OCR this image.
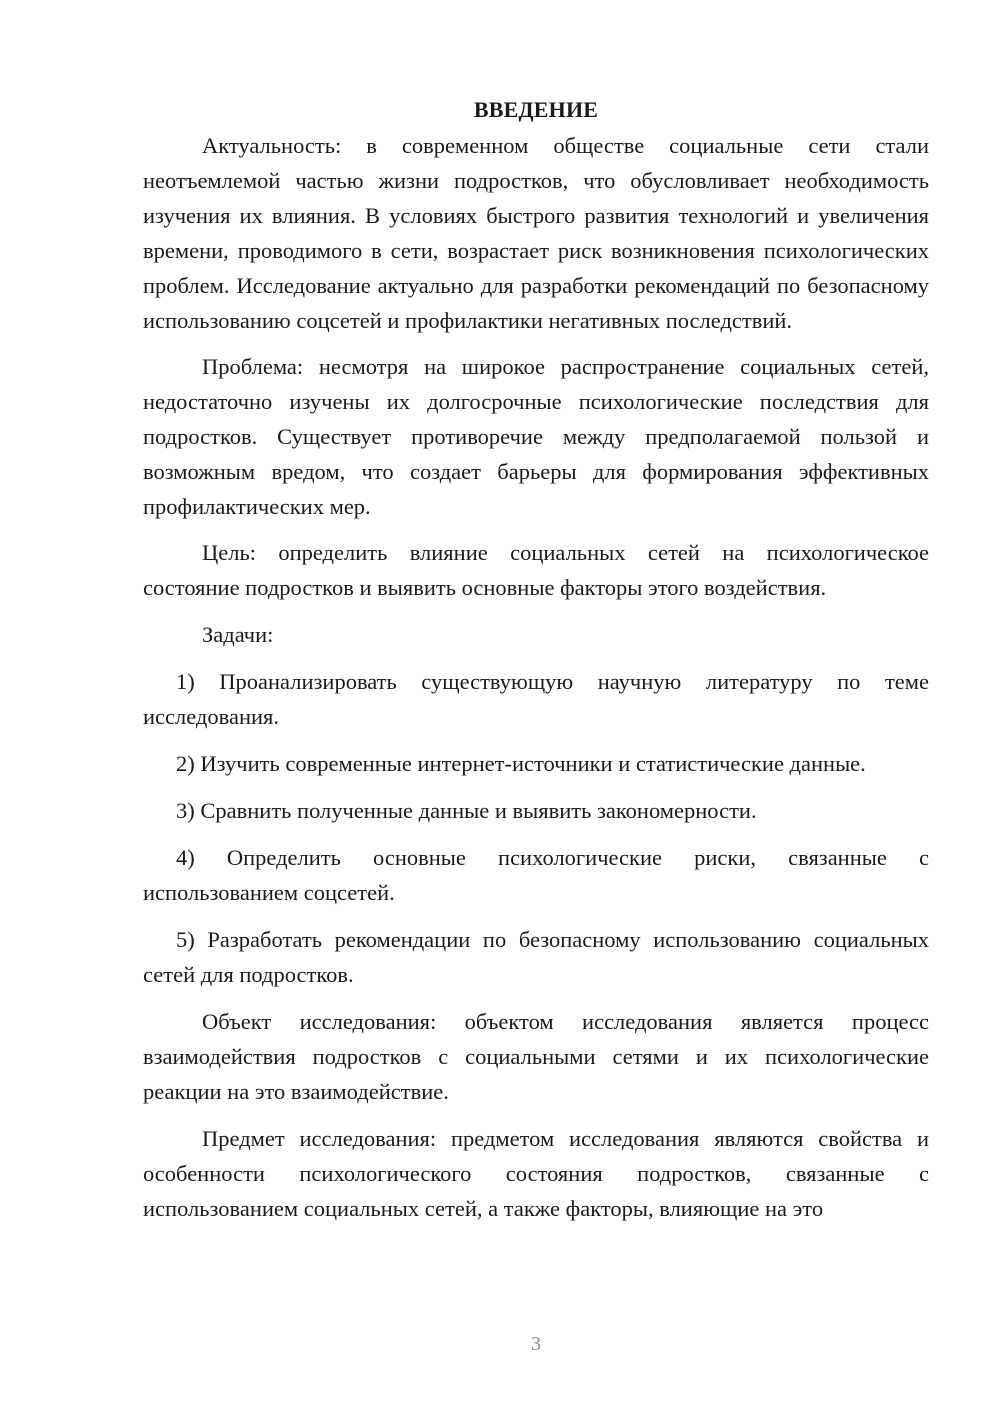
ВВЕДЕНИЕ

Актуальность: в современном обществе социальные сети стали неотъемлемой частью жизни подростков, что обусловливает необходимость изучения их влияния. В условиях быстрого развития технологий и увеличения времени, проводимого в сети, возрастает риск возникновения психологических проблем. Исследование актуально для разработки рекомендаций по безопасному использованию соцсетей и профилактики негативных последствий.

Проблема: несмотря на широкое распространение социальных сетей, недостаточно изучены их долгосрочные психологические последствия для подростков. Существует противоречие между предполагаемой пользой и возможным вредом, что создает барьеры для формирования эффективных профилактических мер.

Цель: определить влияние социальных сетей на психологическое состояние подростков и выявить основные факторы этого воздействия.

Задачи:

1) Проанализировать существующую научную литературу по теме исследования.

2) Изучить современные интернет-источники и статистические данные.

3) Сравнить полученные данные и выявить закономерности.

4) Определить основные психологические риски, связанные с использованием соцсетей.

5) Разработать рекомендации по безопасному использованию социальных сетей для подростков.

Объект исследования: объектом исследования является процесс взаимодействия подростков с социальными сетями и их психологические реакции на это взаимодействие.

Предмет исследования: предметом исследования являются свойства и особенности психологического состояния подростков, связанные с использованием социальных сетей, а также факторы, влияющие на это

3
